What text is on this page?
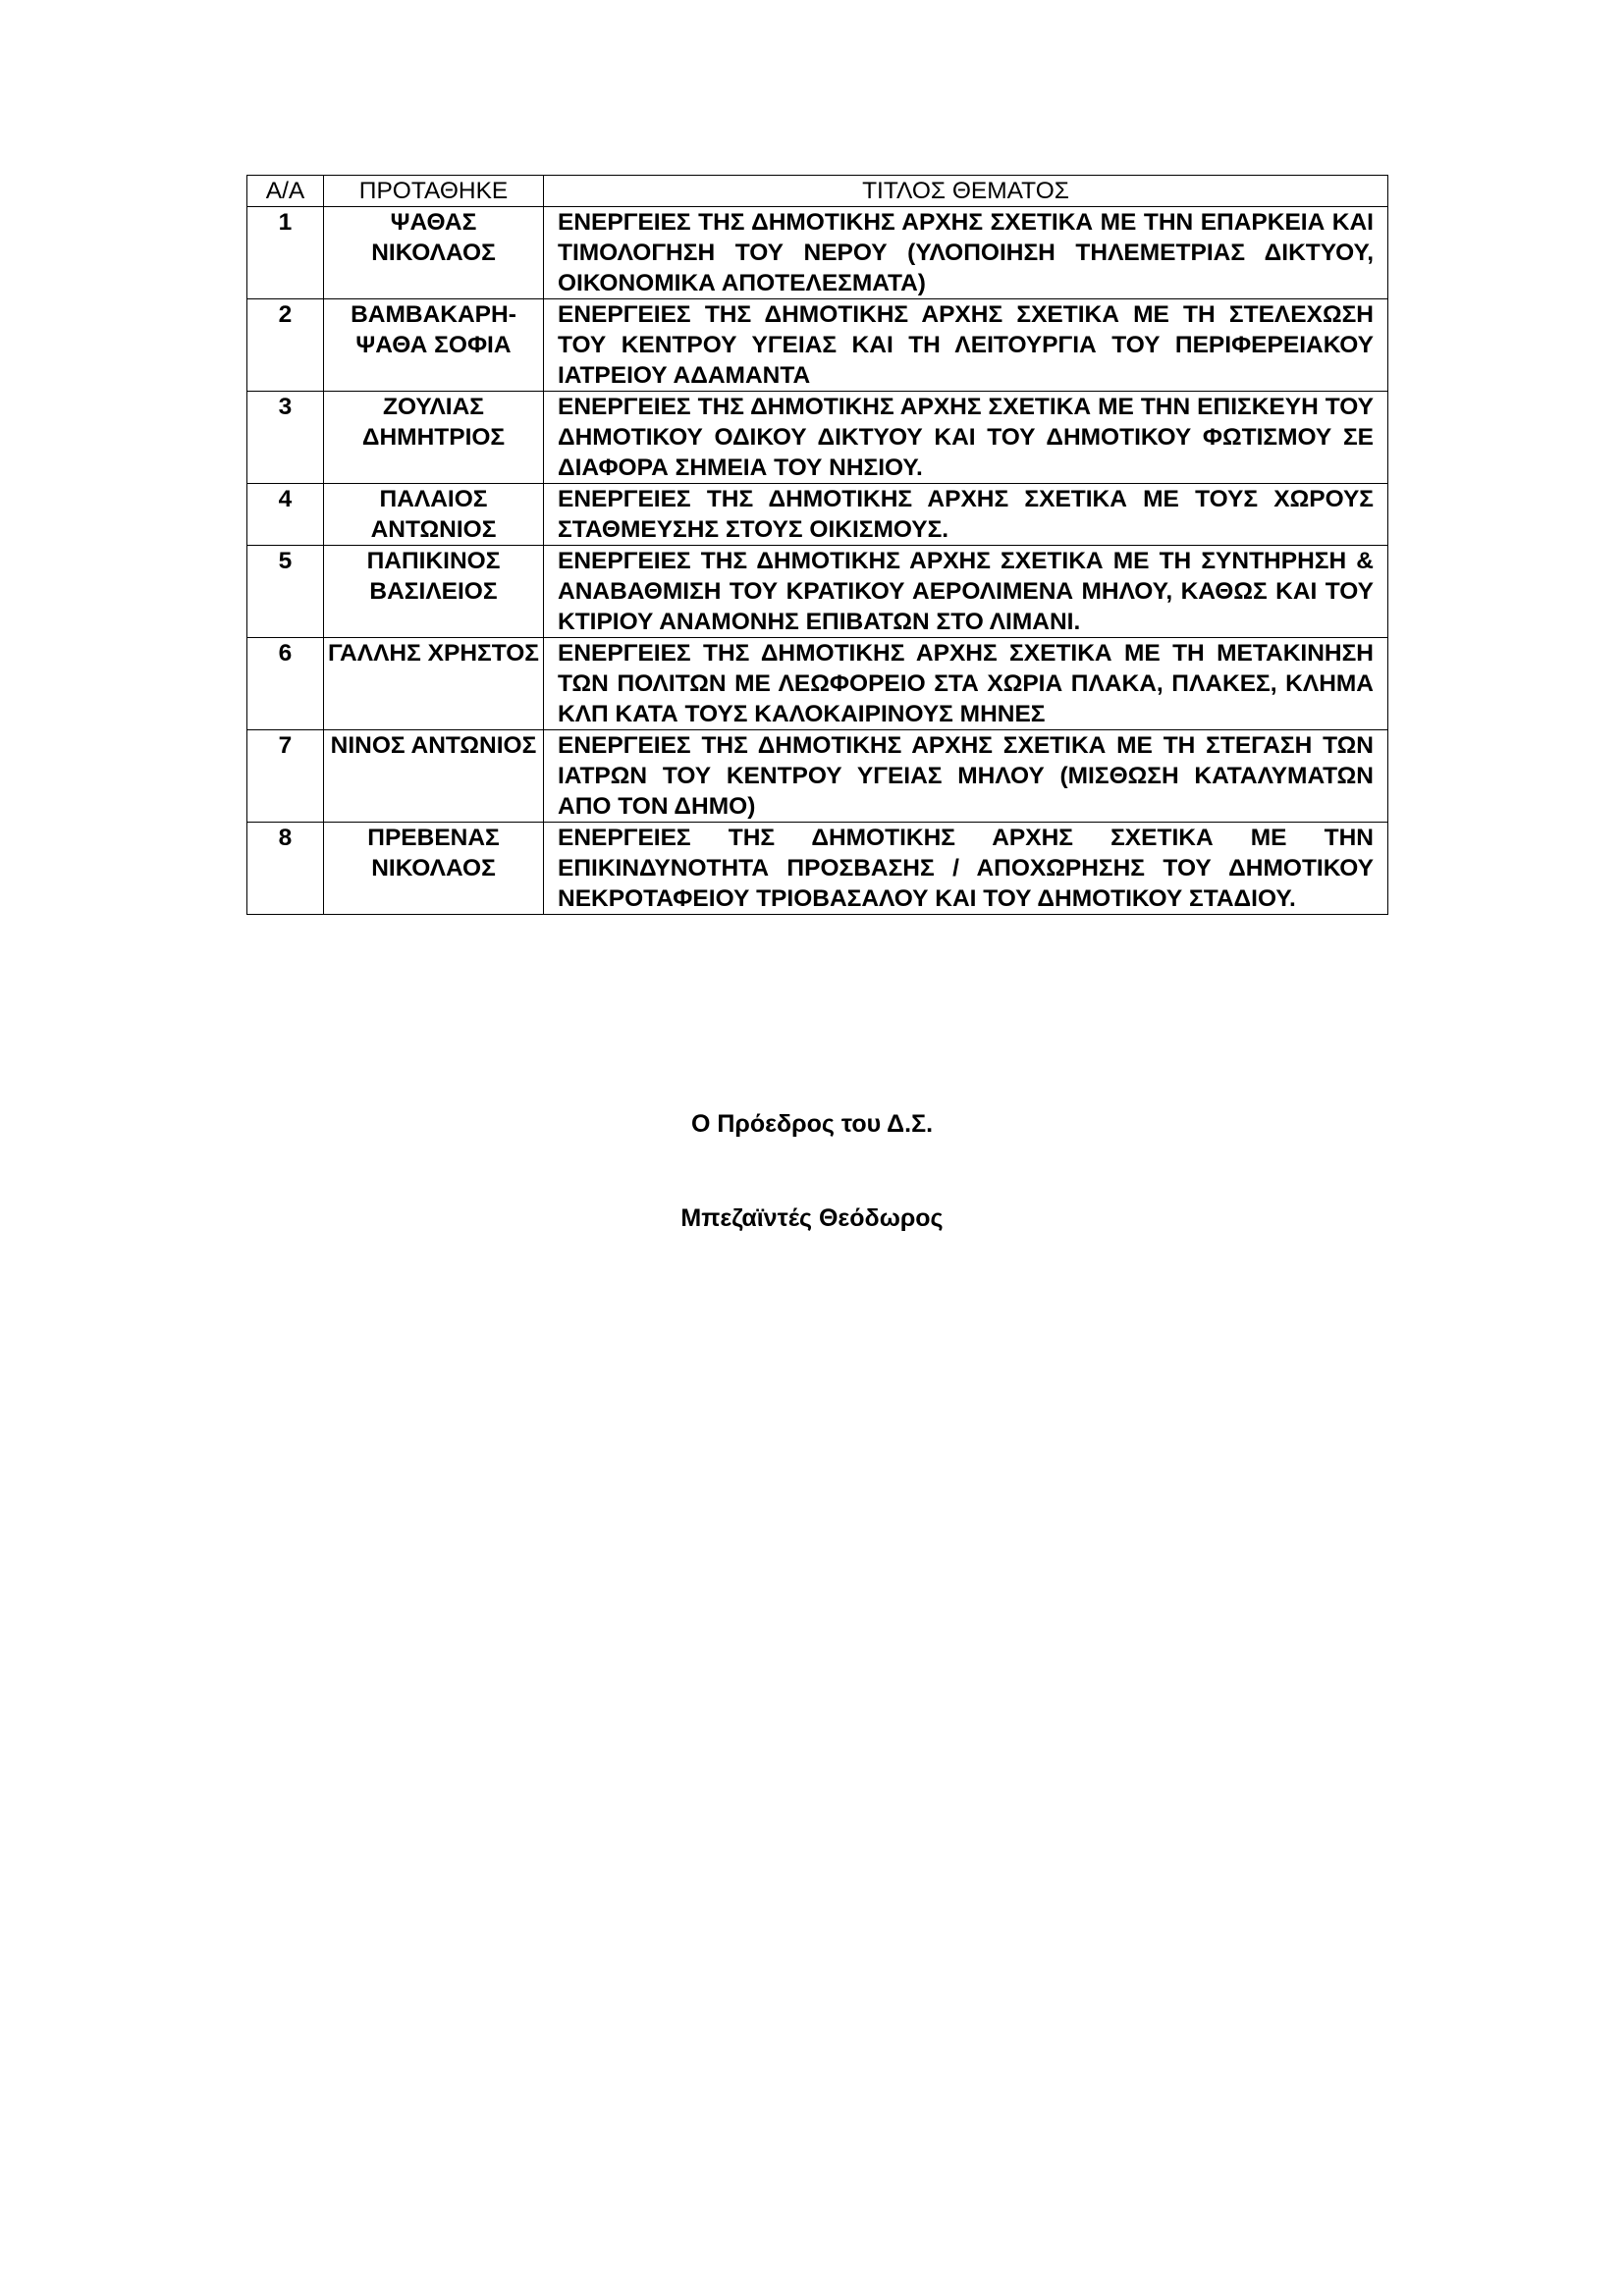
Α/Α	ΠΡΟΤΑΘΗΚΕ	ΤΙΤΛΟΣ ΘΕΜΑΤΟΣ
1	ΨΑΘΑΣ ΝΙΚΟΛΑΟΣ	ΕΝΕΡΓΕΙΕΣ ΤΗΣ ΔΗΜΟΤΙΚΗΣ ΑΡΧΗΣ ΣΧΕΤΙΚΑ ΜΕ ΤΗΝ ΕΠΑΡΚΕΙΑ ΚΑΙ ΤΙΜΟΛΟΓΗΣΗ ΤΟΥ ΝΕΡΟΥ (ΥΛΟΠΟΙΗΣΗ ΤΗΛΕΜΕΤΡΙΑΣ ΔΙΚΤΥΟΥ, ΟΙΚΟΝΟΜΙΚΑ ΑΠΟΤΕΛΕΣΜΑΤΑ)
2	ΒΑΜΒΑΚΑΡΗ-ΨΑΘΑ ΣΟΦΙΑ	ΕΝΕΡΓΕΙΕΣ ΤΗΣ ΔΗΜΟΤΙΚΗΣ ΑΡΧΗΣ ΣΧΕΤΙΚΑ ΜΕ ΤΗ ΣΤΕΛΕΧΩΣΗ ΤΟΥ ΚΕΝΤΡΟΥ ΥΓΕΙΑΣ ΚΑΙ ΤΗ ΛΕΙΤΟΥΡΓΙΑ ΤΟΥ ΠΕΡΙΦΕΡΕΙΑΚΟΥ ΙΑΤΡΕΙΟΥ ΑΔΑΜΑΝΤΑ
3	ΖΟΥΛΙΑΣ ΔΗΜΗΤΡΙΟΣ	ΕΝΕΡΓΕΙΕΣ ΤΗΣ ΔΗΜΟΤΙΚΗΣ ΑΡΧΗΣ ΣΧΕΤΙΚΑ ΜΕ ΤΗΝ ΕΠΙΣΚΕΥΗ ΤΟΥ ΔΗΜΟΤΙΚΟΥ ΟΔΙΚΟΥ ΔΙΚΤΥΟΥ ΚΑΙ ΤΟΥ ΔΗΜΟΤΙΚΟΥ ΦΩΤΙΣΜΟΥ ΣΕ ΔΙΑΦΟΡΑ ΣΗΜΕΙΑ ΤΟΥ ΝΗΣΙΟΥ.
4	ΠΑΛΑΙΟΣ ΑΝΤΩΝΙΟΣ	ΕΝΕΡΓΕΙΕΣ ΤΗΣ ΔΗΜΟΤΙΚΗΣ ΑΡΧΗΣ ΣΧΕΤΙΚΑ ΜΕ ΤΟΥΣ ΧΩΡΟΥΣ ΣΤΑΘΜΕΥΣΗΣ ΣΤΟΥΣ ΟΙΚΙΣΜΟΥΣ.
5	ΠΑΠΙΚΙΝΟΣ ΒΑΣΙΛΕΙΟΣ	ΕΝΕΡΓΕΙΕΣ ΤΗΣ ΔΗΜΟΤΙΚΗΣ ΑΡΧΗΣ ΣΧΕΤΙΚΑ ΜΕ ΤΗ ΣΥΝΤΗΡΗΣΗ & ΑΝΑΒΑΘΜΙΣΗ ΤΟΥ ΚΡΑΤΙΚΟΥ ΑΕΡΟΛΙΜΕΝΑ ΜΗΛΟΥ, ΚΑΘΩΣ ΚΑΙ ΤΟΥ ΚΤΙΡΙΟΥ ΑΝΑΜΟΝΗΣ ΕΠΙΒΑΤΩΝ ΣΤΟ ΛΙΜΑΝΙ.
6	ΓΑΛΛΗΣ ΧΡΗΣΤΟΣ	ΕΝΕΡΓΕΙΕΣ ΤΗΣ ΔΗΜΟΤΙΚΗΣ ΑΡΧΗΣ ΣΧΕΤΙΚΑ ΜΕ ΤΗ ΜΕΤΑΚΙΝΗΣΗ ΤΩΝ ΠΟΛΙΤΩΝ ΜΕ ΛΕΩΦΟΡΕΙΟ ΣΤΑ ΧΩΡΙΑ ΠΛΑΚΑ, ΠΛΑΚΕΣ, ΚΛΗΜΑ ΚΛΠ ΚΑΤΑ ΤΟΥΣ ΚΑΛΟΚΑΙΡΙΝΟΥΣ ΜΗΝΕΣ
7	ΝΙΝΟΣ ΑΝΤΩΝΙΟΣ	ΕΝΕΡΓΕΙΕΣ ΤΗΣ ΔΗΜΟΤΙΚΗΣ ΑΡΧΗΣ ΣΧΕΤΙΚΑ ΜΕ ΤΗ ΣΤΕΓΑΣΗ ΤΩΝ ΙΑΤΡΩΝ ΤΟΥ ΚΕΝΤΡΟΥ ΥΓΕΙΑΣ ΜΗΛΟΥ (ΜΙΣΘΩΣΗ ΚΑΤΑΛΥΜΑΤΩΝ ΑΠΟ ΤΟΝ ΔΗΜΟ)
8	ΠΡΕΒΕΝΑΣ ΝΙΚΟΛΑΟΣ	ΕΝΕΡΓΕΙΕΣ ΤΗΣ ΔΗΜΟΤΙΚΗΣ ΑΡΧΗΣ ΣΧΕΤΙΚΑ ΜΕ ΤΗΝ ΕΠΙΚΙΝΔΥΝΟΤΗΤΑ ΠΡΟΣΒΑΣΗΣ / ΑΠΟΧΩΡΗΣΗΣ ΤΟΥ ΔΗΜΟΤΙΚΟΥ ΝΕΚΡΟΤΑΦΕΙΟΥ ΤΡΙΟΒΑΣΑΛΟΥ ΚΑΙ ΤΟΥ ΔΗΜΟΤΙΚΟΥ ΣΤΑΔΙΟΥ.
Ο Πρόεδρος του Δ.Σ.
Μπεζαϊντές Θεόδωρος
